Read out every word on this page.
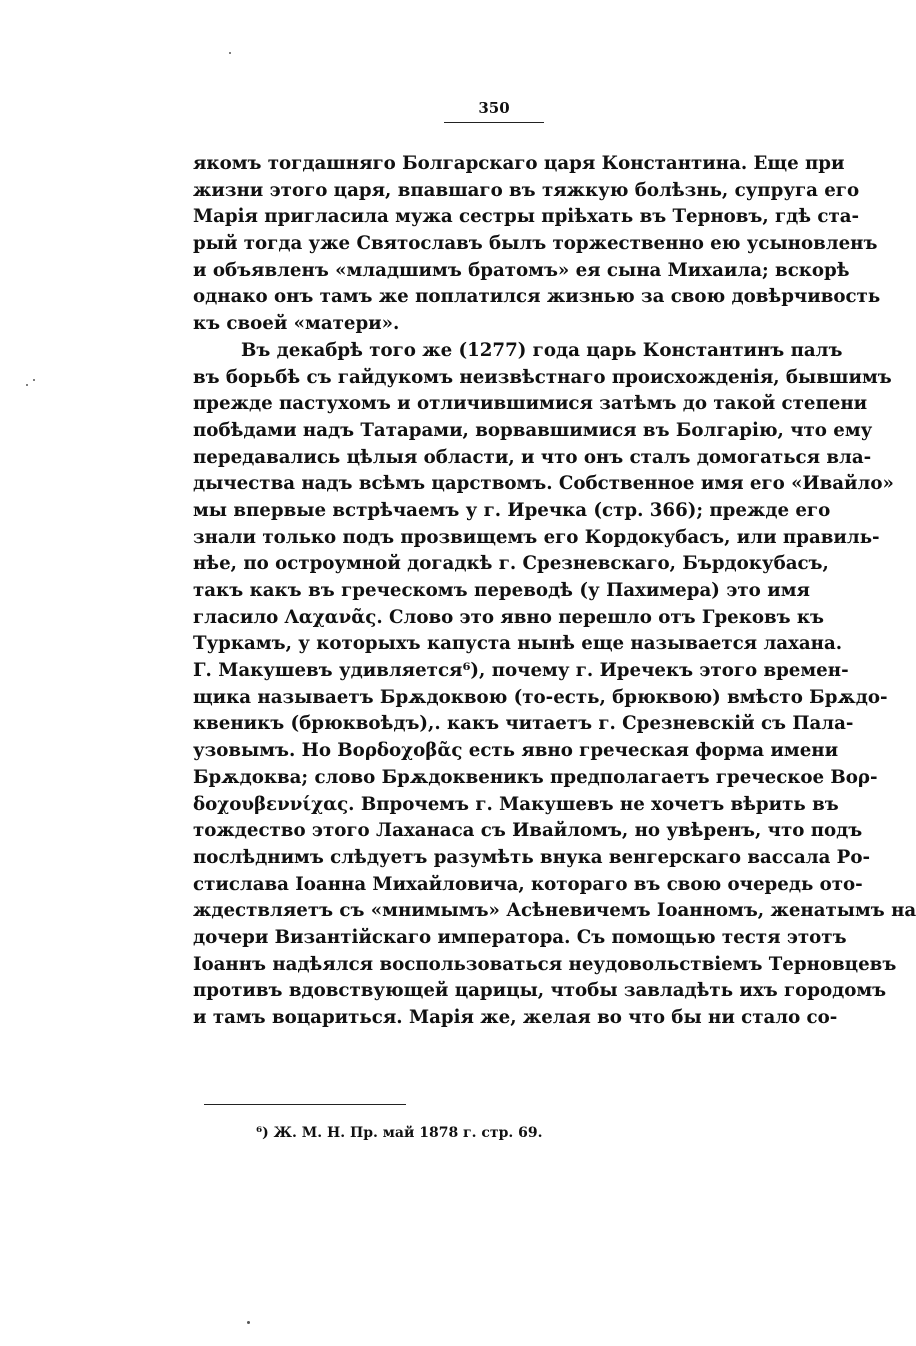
350
якомъ тогдашняго Болгарскаго царя Константина. Еще при
жизни этого царя, впавшаго въ тяжкую болѣзнь, супруга его
Марія пригласила мужа сестры пріѣхать въ Терновъ, гдѣ ста-
рый тогда уже Святославъ былъ торжественно ею усыновленъ
и объявленъ «младшимъ братомъ» ея сына Михаила; вскорѣ
однако онъ тамъ же поплатился жизнью за свою довѣрчивость
къ своей «матери».
Въ декабрѣ того же (1277) года царь Константинъ палъ
въ борьбѣ съ гайдукомъ неизвѣстнаго происхожденія, бывшимъ
прежде пастухомъ и отличившимися затѣмъ до такой степени
побѣдами надъ Татарами, ворвавшимися въ Болгарію, что ему
передавались цѣлыя области, и что онъ сталъ домогаться вла-
дычества надъ всѣмъ царствомъ. Собственное имя его «Ивайло»
мы впервые встрѣчаемъ у г. Иречка (стр. 366); прежде его
знали только подъ прозвищемъ его Кордокубасъ, или правиль-
нѣе, по остроумной догадкѣ г. Срезневскаго, Бърдокубасъ,
такъ какъ въ греческомъ переводѣ (у Пахимера) это имя
гласило Λαχανᾶς. Слово это явно перешло отъ Грековъ къ
Туркамъ, у которыхъ капуста нынѣ еще называется лахана.
Г. Макушевъ удивляется⁶), почему г. Иречекъ этого времен-
щика называетъ Брѫдоквою (то-есть, брюквою) вмѣсто Брѫдо-
квеникъ (брюквоѣдъ),. какъ читаетъ г. Срезневскій съ Пала-
узовымъ. Но Βορδοχοβᾶς есть явно греческая форма имени
Брѫдоква; слово Брѫдоквеникъ предполагаетъ греческое Βορ-
δοχουβεννίχας. Впрочемъ г. Макушевъ не хочетъ вѣрить въ
тождество этого Лаханаса съ Ивайломъ, но увѣренъ, что подъ
послѣднимъ слѣдуетъ разумѣть внука венгерскаго вассала Ро-
стислава Іоанна Михайловича, котораго въ свою очередь ото-
ждествляетъ съ «мнимымъ» Асѣневичемъ Іоанномъ, женатымъ на
дочери Византійскаго императора. Съ помощью тестя этотъ
Іоаннъ надѣялся воспользоваться неудовольствіемъ Терновцевъ
противъ вдовствующей царицы, чтобы завладѣть ихъ городомъ
и тамъ воцариться. Марія же, желая во что бы ни стало со-
⁶) Ж. М. Н. Пр. май 1878 г. стр. 69.
